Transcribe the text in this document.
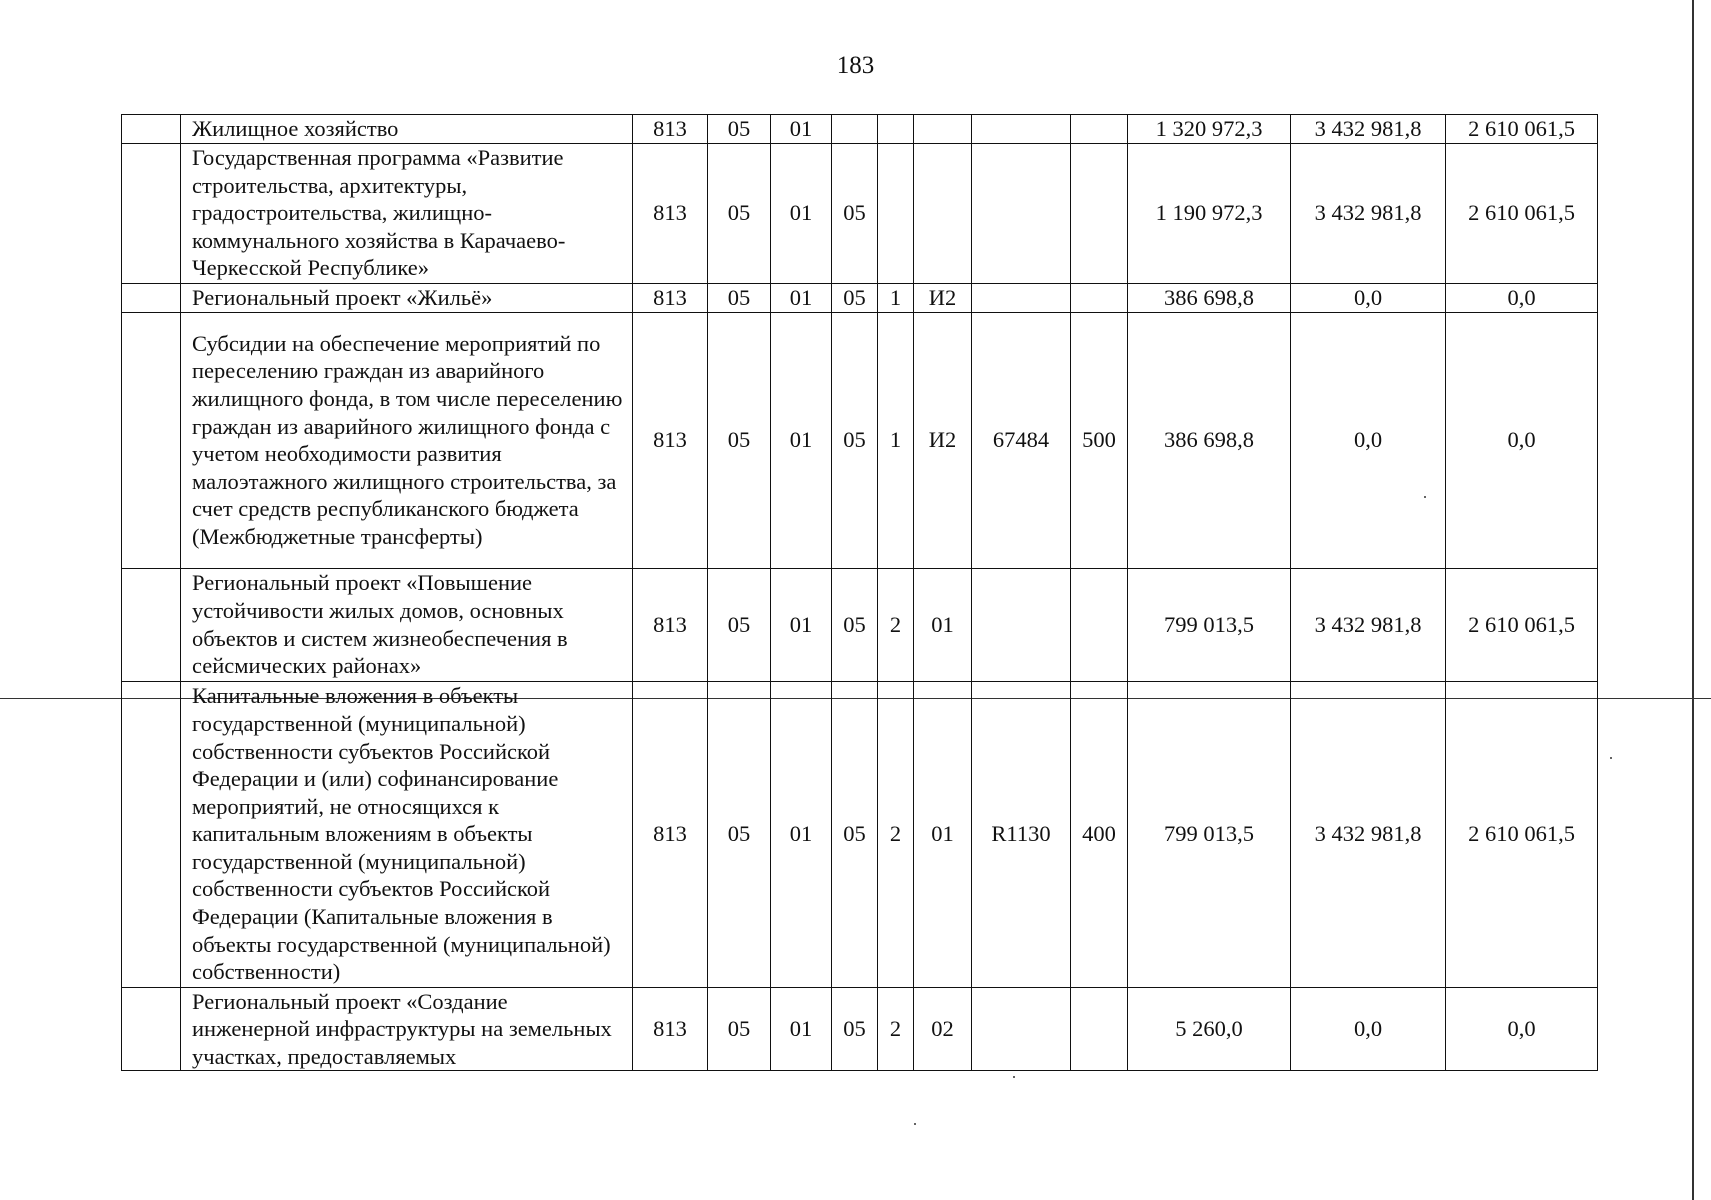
183
	Жилищное хозяйство	813	05	01						1 320 972,3	3 432 981,8	2 610 061,5
	Государственная программа «Развитие строительства, архитектуры, градостроительства, жилищно-коммунального хозяйства в Карачаево-Черкесской Республике»	813	05	01	05					1 190 972,3	3 432 981,8	2 610 061,5
	Региональный проект «Жильё»	813	05	01	05	1	И2			386 698,8	0,0	0,0
	Субсидии на обеспечение мероприятий по переселению граждан из аварийного жилищного фонда, в том числе переселению граждан из аварийного жилищного фонда с учетом необходимости развития малоэтажного жилищного строительства, за счет средств республиканского бюджета (Межбюджетные трансферты)	813	05	01	05	1	И2	67484	500	386 698,8	0,0	0,0
	Региональный проект «Повышение устойчивости жилых домов, основных объектов и систем жизнеобеспечения в сейсмических районах»	813	05	01	05	2	01			799 013,5	3 432 981,8	2 610 061,5
	Капитальные вложения в объекты государственной (муниципальной) собственности субъектов Российской Федерации и (или) софинансирование мероприятий, не относящихся к капитальным вложениям в объекты государственной (муниципальной) собственности субъектов Российской Федерации (Капитальные вложения в объекты государственной (муниципальной) собственности)	813	05	01	05	2	01	R1130	400	799 013,5	3 432 981,8	2 610 061,5
	Региональный проект «Создание инженерной инфраструктуры на земельных участках, предоставляемых	813	05	01	05	2	02			5 260,0	0,0	0,0
